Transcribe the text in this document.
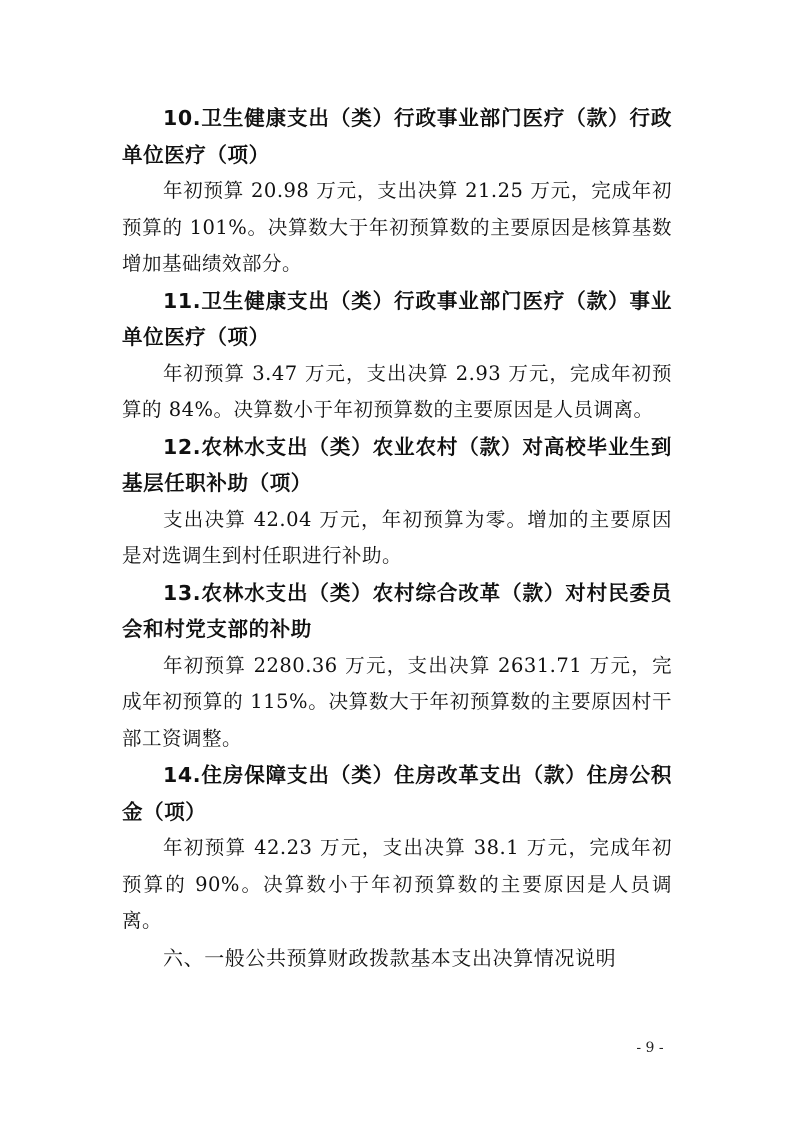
10.卫生健康支出（类）行政事业部门医疗（款）行政单位医疗（项）

年初预算 20.98 万元，支出决算 21.25 万元，完成年初预算的 101%。决算数大于年初预算数的主要原因是核算基数增加基础绩效部分。

11.卫生健康支出（类）行政事业部门医疗（款）事业单位医疗（项）

年初预算 3.47 万元，支出决算 2.93 万元，完成年初预算的 84%。决算数小于年初预算数的主要原因是人员调离。

12.农林水支出（类）农业农村（款）对高校毕业生到基层任职补助（项）

支出决算 42.04 万元，年初预算为零。增加的主要原因是对选调生到村任职进行补助。

13.农林水支出（类）农村综合改革（款）对村民委员会和村党支部的补助

年初预算 2280.36 万元，支出决算 2631.71 万元，完成年初预算的 115%。决算数大于年初预算数的主要原因村干部工资调整。

14.住房保障支出（类）住房改革支出（款）住房公积金（项）

年初预算 42.23 万元，支出决算 38.1 万元，完成年初预算的 90%。决算数小于年初预算数的主要原因是人员调离。

六、一般公共预算财政拨款基本支出决算情况说明

- 9 -
